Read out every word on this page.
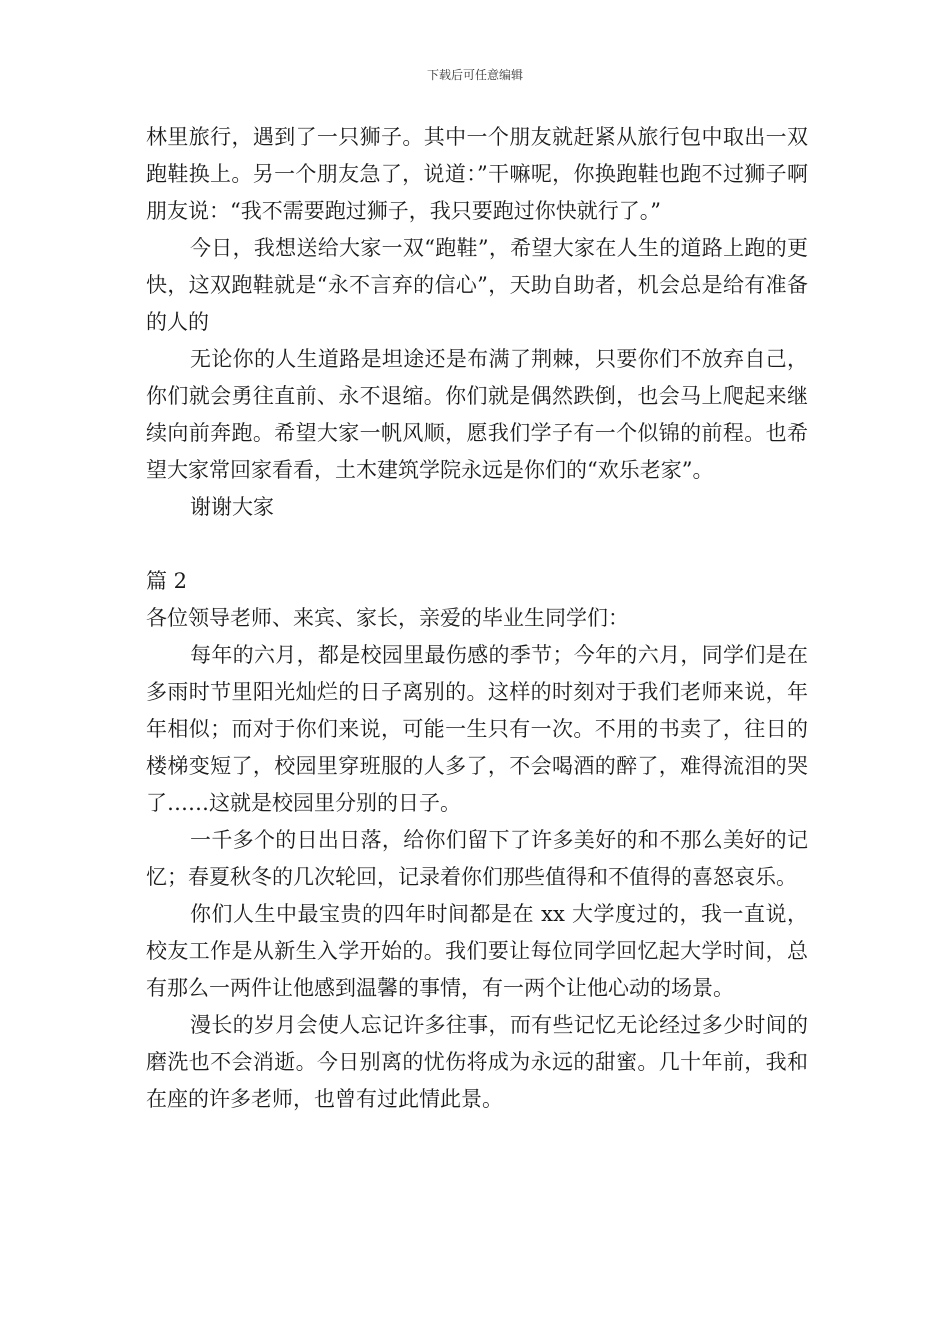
下载后可任意编辑

林里旅行，遇到了一只狮子。其中一个朋友就赶紧从旅行包中取出一双跑鞋换上。另一个朋友急了，说道：”干嘛呢，你换跑鞋也跑不过狮子啊朋友说：“我不需要跑过狮子，我只要跑过你快就行了。”

今日，我想送给大家一双“跑鞋”，希望大家在人生的道路上跑的更快，这双跑鞋就是“永不言弃的信心”，天助自助者，机会总是给有准备的人的

无论你的人生道路是坦途还是布满了荆棘，只要你们不放弃自己，你们就会勇往直前、永不退缩。你们就是偶然跌倒，也会马上爬起来继续向前奔跑。希望大家一帆风顺，愿我们学子有一个似锦的前程。也希望大家常回家看看，土木建筑学院永远是你们的“欢乐老家”。

谢谢大家

篇 2

各位领导老师、来宾、家长，亲爱的毕业生同学们：

每年的六月，都是校园里最伤感的季节；今年的六月，同学们是在多雨时节里阳光灿烂的日子离别的。这样的时刻对于我们老师来说，年年相似；而对于你们来说，可能一生只有一次。不用的书卖了，往日的楼梯变短了，校园里穿班服的人多了，不会喝酒的醉了，难得流泪的哭了……这就是校园里分别的日子。

一千多个的日出日落，给你们留下了许多美好的和不那么美好的记忆；春夏秋冬的几次轮回，记录着你们那些值得和不值得的喜怒哀乐。

你们人生中最宝贵的四年时间都是在 xx 大学度过的，我一直说，校友工作是从新生入学开始的。我们要让每位同学回忆起大学时间，总有那么一两件让他感到温馨的事情，有一两个让他心动的场景。

漫长的岁月会使人忘记许多往事，而有些记忆无论经过多少时间的磨洗也不会消逝。今日别离的忧伤将成为永远的甜蜜。几十年前，我和在座的许多老师，也曾有过此情此景。
